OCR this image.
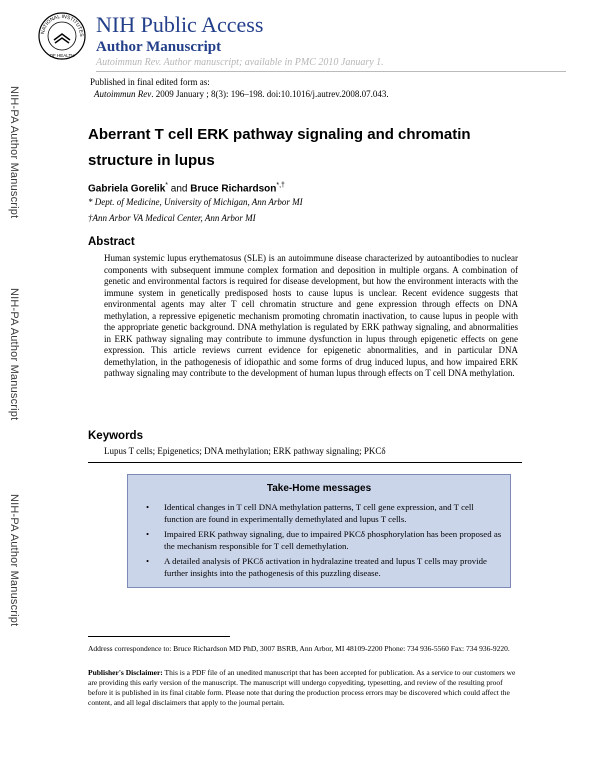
NIH-PA Author Manuscript
NIH-PA Author Manuscript
NIH-PA Author Manuscript
NATIONAL INSTITUTES
OF HEALTH
NIH Public Access
Author Manuscript
Autoimmun Rev. Author manuscript; available in PMC 2010 January 1.
Published in final edited form as:
Autoimmun Rev. 2009 January ; 8(3): 196–198. doi:10.1016/j.autrev.2008.07.043.
Aberrant T cell ERK pathway signaling and chromatin structure in lupus
Gabriela Gorelik* and Bruce Richardson*,†
* Dept. of Medicine, University of Michigan, Ann Arbor MI
†Ann Arbor VA Medical Center, Ann Arbor MI
Abstract
Human systemic lupus erythematosus (SLE) is an autoimmune disease characterized by autoantibodies to nuclear components with subsequent immune complex formation and deposition in multiple organs. A combination of genetic and environmental factors is required for disease development, but how the environment interacts with the immune system in genetically predisposed hosts to cause lupus is unclear. Recent evidence suggests that environmental agents may alter T cell chromatin structure and gene expression through effects on DNA methylation, a repressive epigenetic mechanism promoting chromatin inactivation, to cause lupus in people with the appropriate genetic background. DNA methylation is regulated by ERK pathway signaling, and abnormalities in ERK pathway signaling may contribute to immune dysfunction in lupus through epigenetic effects on gene expression. This article reviews current evidence for epigenetic abnormalities, and in particular DNA demethylation, in the pathogenesis of idiopathic and some forms of drug induced lupus, and how impaired ERK pathway signaling may contribute to the development of human lupus through effects on T cell DNA methylation.
Keywords
Lupus T cells; Epigenetics; DNA methylation; ERK pathway signaling; PKCδ
Take-Home messages
• Identical changes in T cell DNA methylation patterns, T cell gene expression, and T cell function are found in experimentally demethylated and lupus T cells.
• Impaired ERK pathway signaling, due to impaired PKCδ phosphorylation has been proposed as the mechanism responsible for T cell demethylation.
• A detailed analysis of PKCδ activation in hydralazine treated and lupus T cells may provide further insights into the pathogenesis of this puzzling disease.
Address correspondence to: Bruce Richardson MD PhD, 3007 BSRB, Ann Arbor, MI 48109-2200 Phone: 734 936-5560 Fax: 734 936-9220.
Publisher's Disclaimer: This is a PDF file of an unedited manuscript that has been accepted for publication. As a service to our customers we are providing this early version of the manuscript. The manuscript will undergo copyediting, typesetting, and review of the resulting proof before it is published in its final citable form. Please note that during the production process errors may be discovered which could affect the content, and all legal disclaimers that apply to the journal pertain.
